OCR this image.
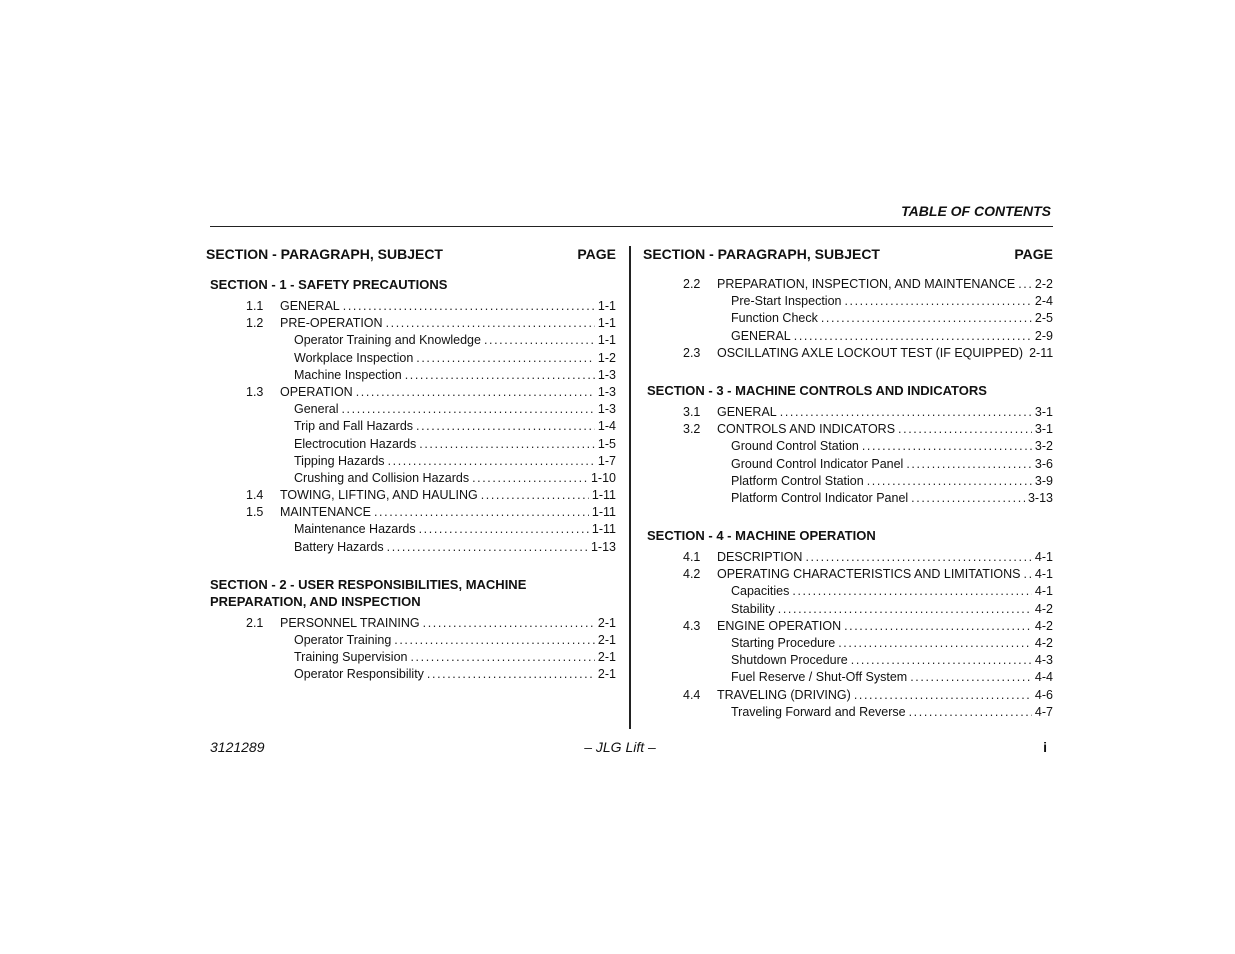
TABLE OF CONTENTS
SECTION - PARAGRAPH, SUBJECT	PAGE
SECTION - 1 - SAFETY PRECAUTIONS
1.1 GENERAL .....	1-1
1.2 PRE-OPERATION .....	1-1
Operator Training and Knowledge .....	1-1
Workplace Inspection .....	1-2
Machine Inspection .....	1-3
1.3 OPERATION .....	1-3
General .....	1-3
Trip and Fall Hazards .....	1-4
Electrocution Hazards .....	1-5
Tipping Hazards .....	1-7
Crushing and Collision Hazards .....	1-10
1.4 TOWING, LIFTING, AND HAULING .....	1-11
1.5 MAINTENANCE .....	1-11
Maintenance Hazards .....	1-11
Battery Hazards .....	1-13
SECTION - 2 - USER RESPONSIBILITIES, MACHINE PREPARATION, AND INSPECTION
2.1 PERSONNEL TRAINING .....	2-1
Operator Training .....	2-1
Training Supervision .....	2-1
Operator Responsibility .....	2-1
SECTION - PARAGRAPH, SUBJECT	PAGE
2.2 PREPARATION, INSPECTION, AND MAINTENANCE ..... 2-2
Pre-Start Inspection .....	2-4
Function Check .....	2-5
GENERAL .....	2-9
2.3 OSCILLATING AXLE LOCKOUT TEST (IF EQUIPPED) 2-11
SECTION - 3 - MACHINE CONTROLS AND INDICATORS
3.1 GENERAL .....	3-1
3.2 CONTROLS AND INDICATORS .....	3-1
Ground Control Station .....	3-2
Ground Control Indicator Panel .....	3-6
Platform Control Station .....	3-9
Platform Control Indicator Panel .....	3-13
SECTION - 4 - MACHINE OPERATION
4.1 DESCRIPTION .....	4-1
4.2 OPERATING CHARACTERISTICS AND LIMITATIONS ..... 4-1
Capacities .....	4-1
Stability .....	4-2
4.3 ENGINE OPERATION .....	4-2
Starting Procedure .....	4-2
Shutdown Procedure .....	4-3
Fuel Reserve / Shut-Off System .....	4-4
4.4 TRAVELING (DRIVING) .....	4-6
Traveling Forward and Reverse .....	4-7
3121289	– JLG Lift –	i
